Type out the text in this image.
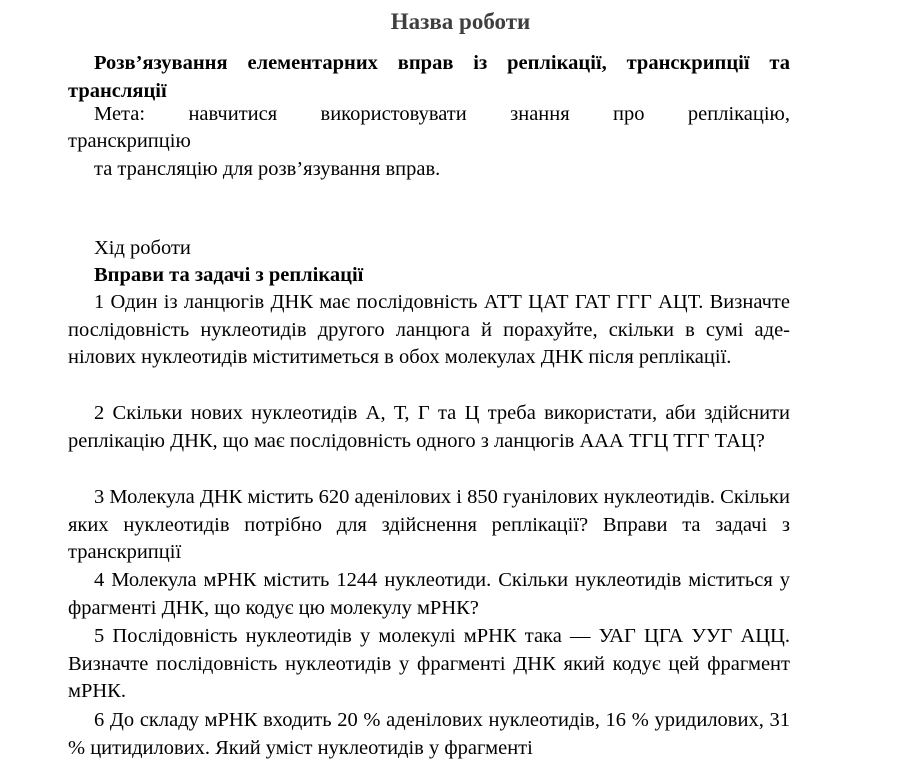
Назва роботи

Розв’язування елементарних вправ із реплікації, транскрипції та трансляції

Мета: навчитися використовувати знання про реплікацію,
транскрипцію
та трансляцію для розв’язування вправ.
Хід роботи
Вправи та задачі з реплікації

1 Один із ланцюгів ДНК має послідовність АТТ ЦАТ ГАТ ГГГ АЦТ. Визначте послідовність нуклеотидів другого ланцюга й порахуйте, скільки в сумі аде-нілових нуклеотидів міститиметься в обох молекулах ДНК після реплікації.

2 Скільки нових нуклеотидів А, Т, Г та Ц треба використати, аби здійснити реплікацію ДНК, що має послідовність одного з ланцюгів ААА ТГЦ ТГГ ТАЦ?

3 Молекула ДНК містить 620 аденілових і 850 гуанілових нуклеотидів. Скільки яких нуклеотидів потрібно для здійснення реплікації? Вправи та задачі з транскрипції

4 Молекула мРНК містить 1244 нуклеотиди. Скільки нуклеотидів міститься у фрагменті ДНК, що кодує цю молекулу мРНК?

5 Послідовність нуклеотидів у молекулі мРНК така — УАГ ЦГА УУГ АЦЦ. Визначте послідовність нуклеотидів у фрагменті ДНК який кодує цей фрагмент мРНК.

6 До складу мРНК входить 20 % аденілових нуклеотидів, 16 % уридилових, 31 % цитидилових. Який уміст нуклеотидів у фрагменті
